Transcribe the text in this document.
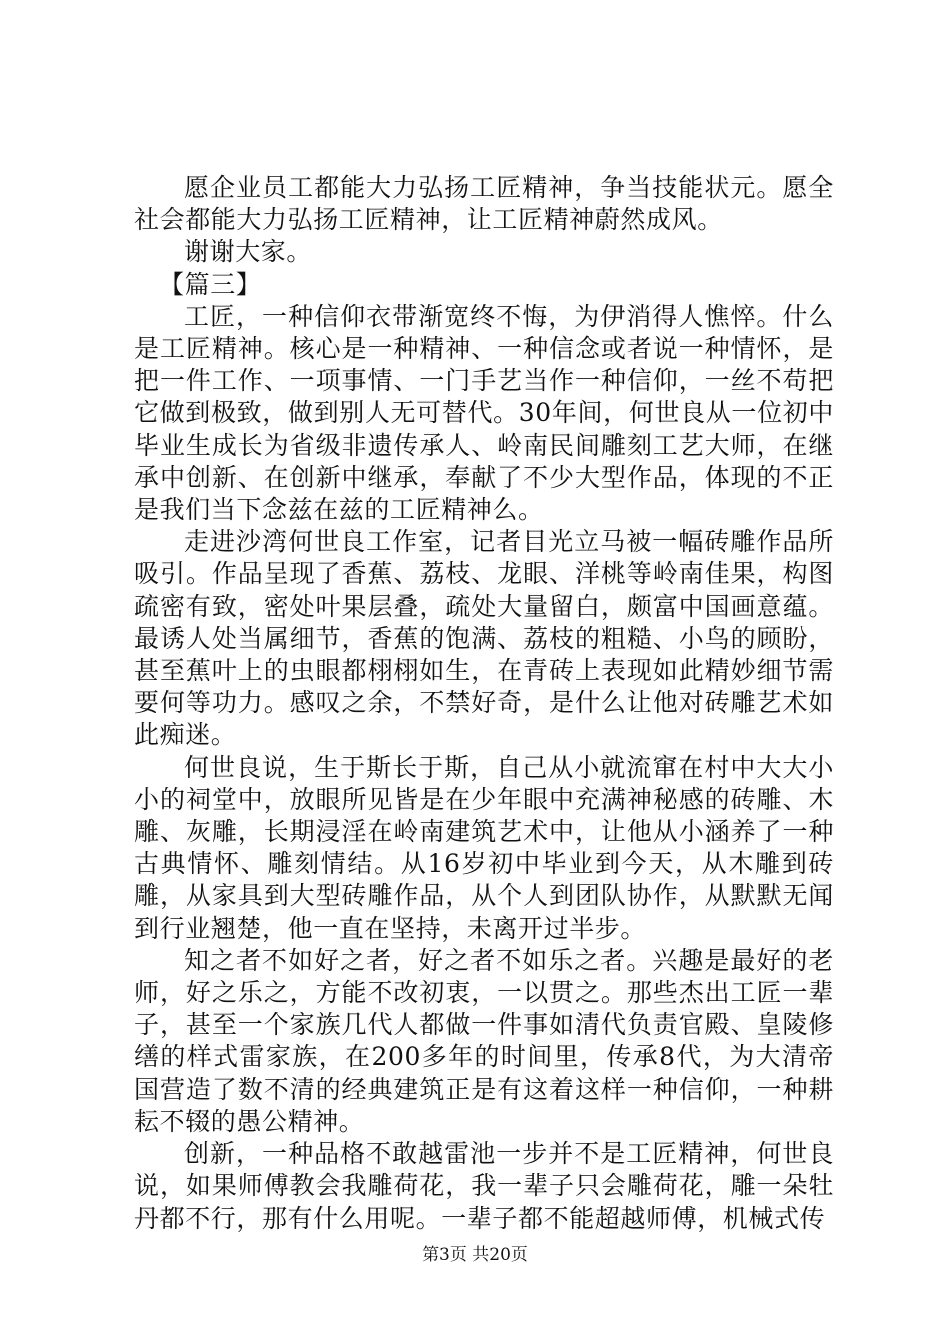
愿企业员工都能大力弘扬工匠精神，争当技能状元。愿全社会都能大力弘扬工匠精神，让工匠精神蔚然成风。

谢谢大家。

【篇三】

工匠，一种信仰衣带渐宽终不悔，为伊消得人憔悴。什么是工匠精神。核心是一种精神、一种信念或者说一种情怀，是把一件工作、一项事情、一门手艺当作一种信仰，一丝不苟把它做到极致，做到别人无可替代。30年间，何世良从一位初中毕业生成长为省级非遗传承人、岭南民间雕刻工艺大师，在继承中创新、在创新中继承，奉献了不少大型作品，体现的不正是我们当下念兹在兹的工匠精神么。

走进沙湾何世良工作室，记者目光立马被一幅砖雕作品所吸引。作品呈现了香蕉、荔枝、龙眼、洋桃等岭南佳果，构图疏密有致，密处叶果层叠，疏处大量留白，颇富中国画意蕴。最诱人处当属细节，香蕉的饱满、荔枝的粗糙、小鸟的顾盼，甚至蕉叶上的虫眼都栩栩如生，在青砖上表现如此精妙细节需要何等功力。感叹之余，不禁好奇，是什么让他对砖雕艺术如此痴迷。

何世良说，生于斯长于斯，自己从小就流窜在村中大大小小的祠堂中，放眼所见皆是在少年眼中充满神秘感的砖雕、木雕、灰雕，长期浸淫在岭南建筑艺术中，让他从小涵养了一种古典情怀、雕刻情结。从16岁初中毕业到今天，从木雕到砖雕，从家具到大型砖雕作品，从个人到团队协作，从默默无闻到行业翘楚，他一直在坚持，未离开过半步。

知之者不如好之者，好之者不如乐之者。兴趣是最好的老师，好之乐之，方能不改初衷，一以贯之。那些杰出工匠一辈子，甚至一个家族几代人都做一件事如清代负责官殿、皇陵修缮的样式雷家族，在200多年的时间里，传承8代，为大清帝国营造了数不清的经典建筑正是有这着这样一种信仰，一种耕耘不辍的愚公精神。

创新，一种品格不敢越雷池一步并不是工匠精神，何世良说，如果师傅教会我雕荷花，我一辈子只会雕荷花，雕一朵牡丹都不行，那有什么用呢。一辈子都不能超越师傅，机械式传

第3页 共20页
